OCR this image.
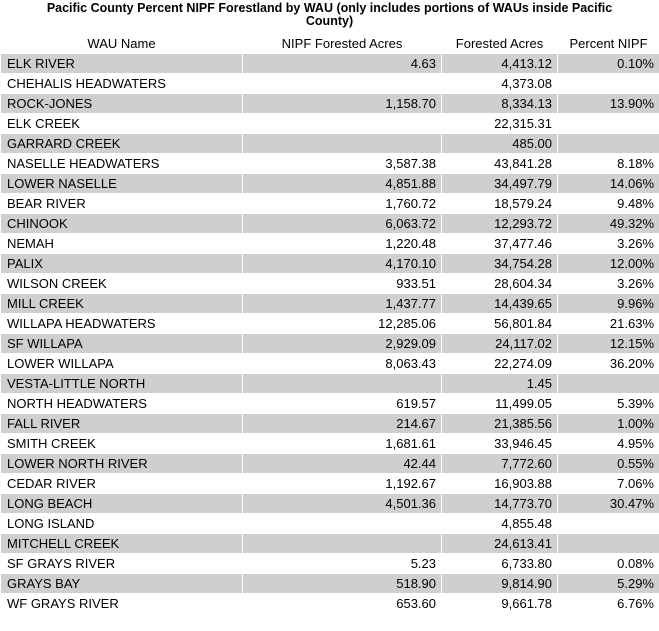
Pacific County Percent NIPF Forestland by WAU (only includes portions of WAUs inside Pacific County)
WAU Name	NIPF Forested Acres	Forested Acres	Percent NIPF
ELK RIVER	4.63	4,413.12	0.10%
CHEHALIS HEADWATERS		4,373.08	
ROCK-JONES	1,158.70	8,334.13	13.90%
ELK CREEK		22,315.31	
GARRARD CREEK		485.00	
NASELLE HEADWATERS	3,587.38	43,841.28	8.18%
LOWER NASELLE	4,851.88	34,497.79	14.06%
BEAR RIVER	1,760.72	18,579.24	9.48%
CHINOOK	6,063.72	12,293.72	49.32%
NEMAH	1,220.48	37,477.46	3.26%
PALIX	4,170.10	34,754.28	12.00%
WILSON CREEK	933.51	28,604.34	3.26%
MILL CREEK	1,437.77	14,439.65	9.96%
WILLAPA HEADWATERS	12,285.06	56,801.84	21.63%
SF WILLAPA	2,929.09	24,117.02	12.15%
LOWER WILLAPA	8,063.43	22,274.09	36.20%
VESTA-LITTLE NORTH		1.45	
NORTH HEADWATERS	619.57	11,499.05	5.39%
FALL RIVER	214.67	21,385.56	1.00%
SMITH CREEK	1,681.61	33,946.45	4.95%
LOWER NORTH RIVER	42.44	7,772.60	0.55%
CEDAR RIVER	1,192.67	16,903.88	7.06%
LONG BEACH	4,501.36	14,773.70	30.47%
LONG ISLAND		4,855.48	
MITCHELL CREEK		24,613.41	
SF GRAYS RIVER	5.23	6,733.80	0.08%
GRAYS BAY	518.90	9,814.90	5.29%
WF GRAYS RIVER	653.60	9,661.78	6.76%
